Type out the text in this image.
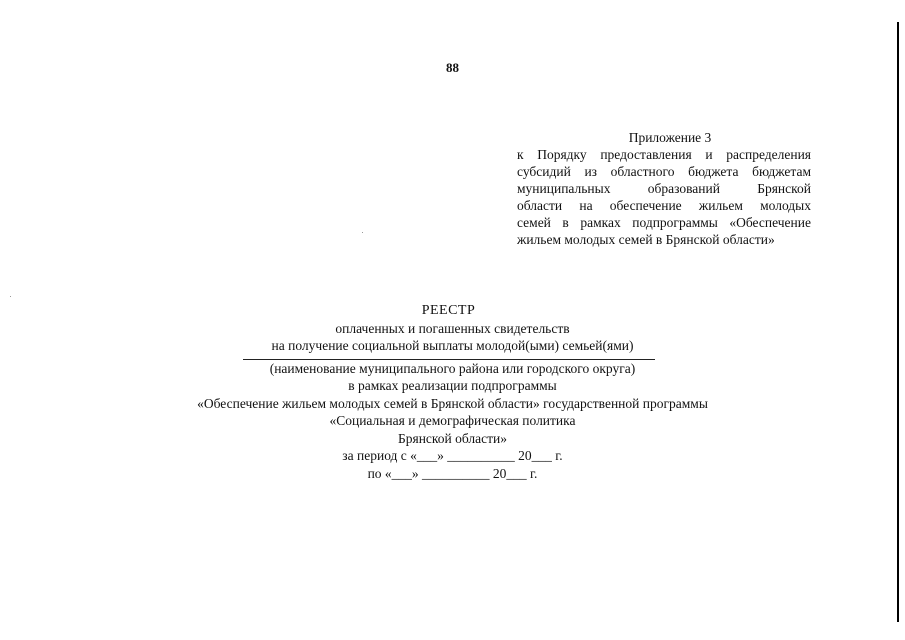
88
Приложение 3
к Порядку предоставления и распределения
субсидий из областного бюджета бюджетам
муниципальных образований Брянской
области на обеспечение жильем молодых
семей в рамках подпрограммы «Обеспечение
жильем молодых семей в Брянской области»
РЕЕСТР
оплаченных и погашенных свидетельств
на получение социальной выплаты молодой(ыми) семьей(ями)
(наименование муниципального района или городского округа)
в рамках реализации подпрограммы
«Обеспечение жильем молодых семей в Брянской области» государственной программы
«Социальная и демографическая политика
Брянской области»
за период с «___» __________ 20___ г.
по «___» __________ 20___ г.
